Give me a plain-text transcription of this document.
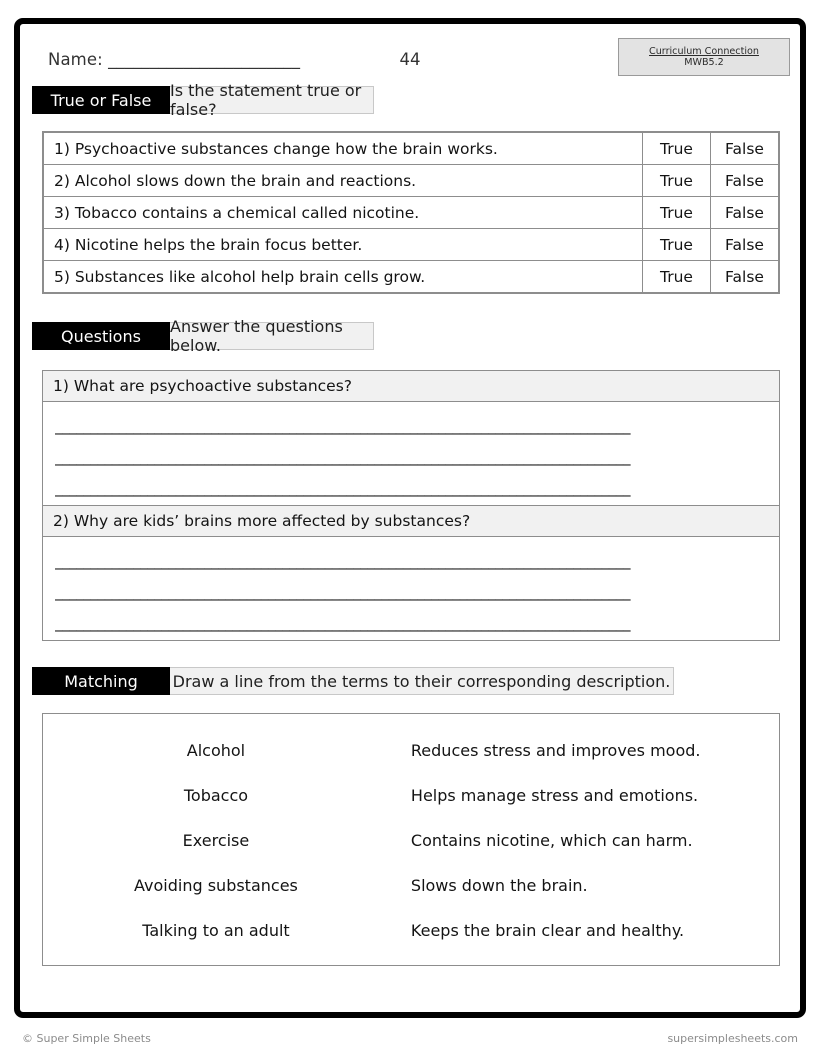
Name: _______________________	44	Curriculum Connection
MWB5.2
True or False	Is the statement true or false?
1) Psychoactive substances change how the brain works.	True	False
2) Alcohol slows down the brain and reactions.	True	False
3) Tobacco contains a chemical called nicotine.	True	False
4) Nicotine helps the brain focus better.	True	False
5) Substances like alcohol help brain cells grow.	True	False
Questions	Answer the questions below.
1) What are psychoactive substances?
_________________________________________________________________________________
_________________________________________________________________________________
_________________________________________________________________________________
2) Why are kids’ brains more affected by substances?
_________________________________________________________________________________
_________________________________________________________________________________
_________________________________________________________________________________
Matching	Draw a line from the terms to their corresponding description.
Alcohol	Reduces stress and improves mood.
Tobacco	Helps manage stress and emotions.
Exercise	Contains nicotine, which can harm.
Avoiding substances	Slows down the brain.
Talking to an adult	Keeps the brain clear and healthy.
© Super Simple Sheets	supersimplesheets.com
